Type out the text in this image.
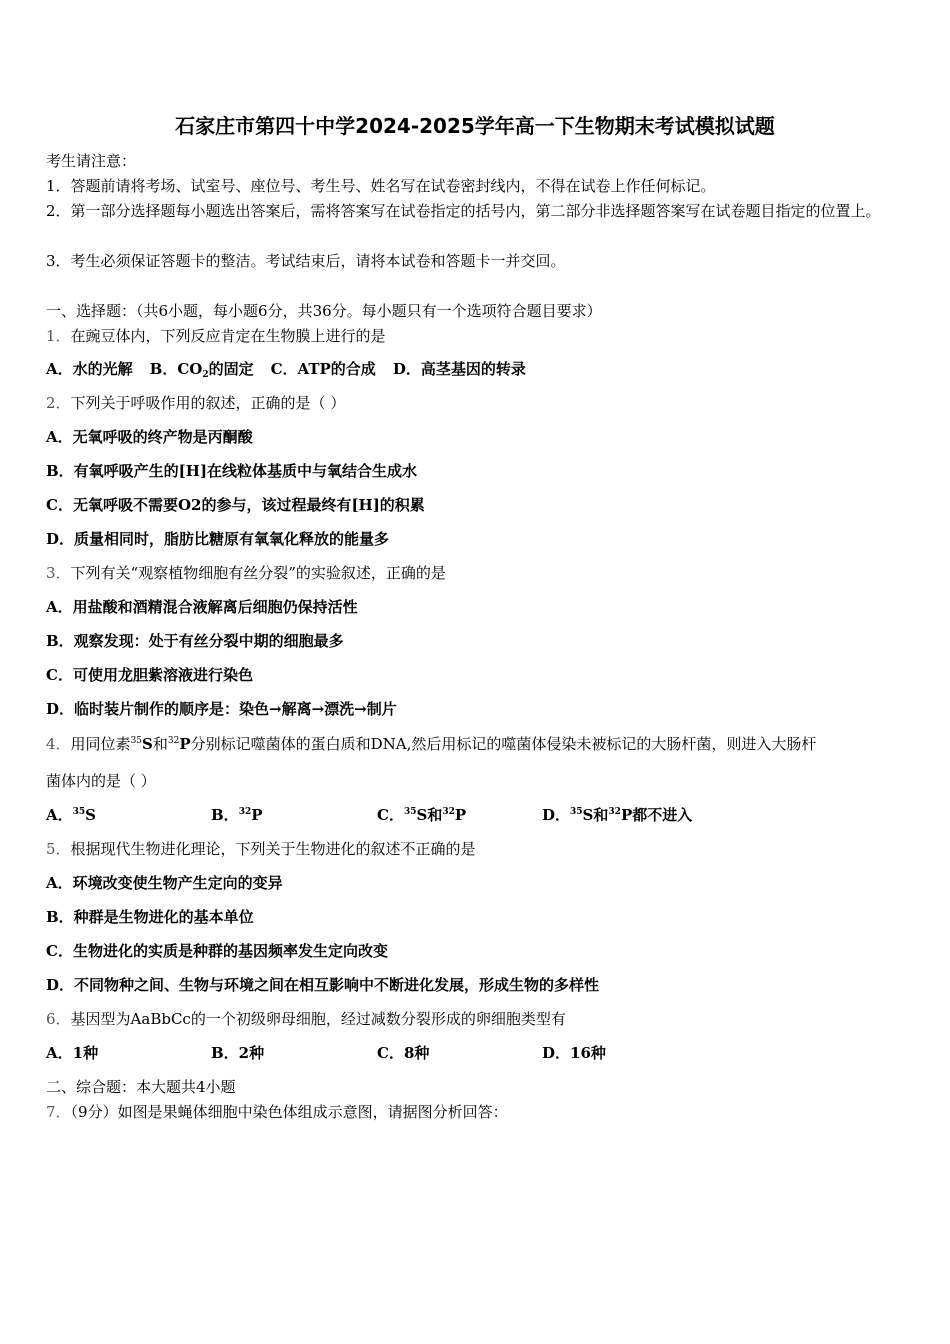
石家庄市第四十中学2024-2025学年高一下生物期末考试模拟试题
考生请注意：
1．答题前请将考场、试室号、座位号、考生号、姓名写在试卷密封线内，不得在试卷上作任何标记。
2．第一部分选择题每小题选出答案后，需将答案写在试卷指定的括号内，第二部分非选择题答案写在试卷题目指定的位置上。
3．考生必须保证答题卡的整洁。考试结束后，请将本试卷和答题卡一并交回。
一、选择题：（共6小题，每小题6分，共36分。每小题只有一个选项符合题目要求）
1．在豌豆体内，下列反应肯定在生物膜上进行的是
A．水的光解 B．$CO_2$的固定 C．ATP的合成 D．高茎基因的转录
2．下列关于呼吸作用的叙述，正确的是（ ）
A．无氧呼吸的终产物是丙酮酸
B．有氧呼吸产生的[H]在线粒体基质中与氧结合生成水
C．无氧呼吸不需要O2的参与，该过程最终有[H]的积累
D．质量相同时，脂肪比糖原有氧氧化释放的能量多
3．下列有关“观察植物细胞有丝分裂”的实验叙述，正确的是
A．用盐酸和酒精混合液解离后细胞仍保持活性
B．观察发现：处于有丝分裂中期的细胞最多
C．可使用龙胆紫溶液进行染色
D．临时装片制作的顺序是：染色→解离→漂洗→制片
4．用同位素$^{35}$S和$^{32}$P分别标记噬菌体的蛋白质和DNA,然后用标记的噬菌体侵染未被标记的大肠杆菌，则进入大肠杆
菌体内的是（ ）
A．$^{35}$S	B．$^{32}$P	C．$^{35}$S和$^{32}$P	D．$^{35}$S和$^{32}$P都不进入
5．根据现代生物进化理论，下列关于生物进化的叙述不正确的是
A．环境改变使生物产生定向的变异
B．种群是生物进化的基本单位
C．生物进化的实质是种群的基因频率发生定向改变
D．不同物种之间、生物与环境之间在相互影响中不断进化发展，形成生物的多样性
6．基因型为AaBbCc的一个初级卵母细胞，经过减数分裂形成的卵细胞类型有
A．1种	B．2种	C．8种	D．16种
二、综合题：本大题共4小题
7．（9分）如图是果蝇体细胞中染色体组成示意图，请据图分析回答：
